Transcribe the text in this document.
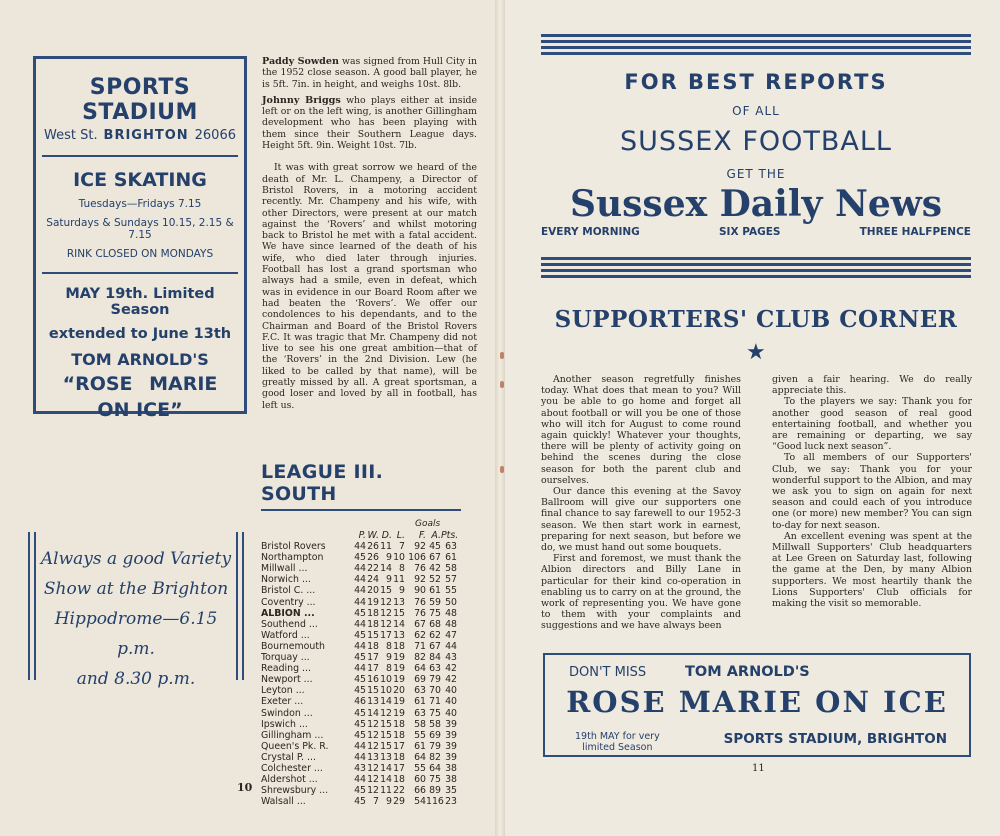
SPORTS STADIUM
West St. BRIGHTON 26066
ICE SKATING
Tuesdays—Fridays 7.15
Saturdays & Sundays 10.15, 2.15 & 7.15
RINK CLOSED ON MONDAYS
MAY 19th. Limited Season
extended to June 13th
TOM ARNOLD'S
“ROSE MARIE
ON ICE”
Always a good Variety
Show at the Brighton
Hippodrome—6.15 p.m.
and 8.30 p.m.

Paddy Sowden was signed from Hull City in the 1952 close season. A good ball player, he is 5ft. 7in. in height, and weighs 10st. 8lb.

Johnny Briggs who plays either at inside left or on the left wing, is another Gillingham development who has been playing with them since their Southern League days. Height 5ft. 9in. Weight 10st. 7lb.

It was with great sorrow we heard of the death of Mr. L. Champeny, a Director of Bristol Rovers, in a motoring accident recently. Mr. Champeny and his wife, with other Directors, were present at our match against the ‘Rovers’ and whilst motoring back to Bristol he met with a fatal accident. We have since learned of the death of his wife, who died later through injuries. Football has lost a grand sportsman who always had a smile, even in defeat, which was in evidence in our Board Room after we had beaten the ‘Rovers’. We offer our condolences to his dependants, and to the Chairman and Board of the Bristol Rovers F.C. It was tragic that Mr. Champeny did not live to see his one great ambition—that of the ‘Rovers’ in the 2nd Division. Lew (he liked to be called by that name), will be greatly missed by all. A great sportsman, a good loser and loved by all in football, has left us.

LEAGUE III. SOUTH
Goals
P. W. D. L.	F. A. Pts.
Bristol Rovers	44 26 11 7 92 45 63
Northampton	45 26 9 10 106 67 61
Millwall ...	44 22 14 8 76 42 58
Norwich ...	44 24 9 11 92 52 57
Bristol C. ...	44 20 15 9 90 61 55
Coventry ...	44 19 12 13 76 59 50
ALBION ...	45 18 12 15 76 75 48
Southend ...	44 18 12 14 67 68 48
Watford ...	45 15 17 13 62 62 47
Bournemouth	44 18 8 18 71 67 44
Torquay ...	45 17 9 19 82 84 43
Reading ...	44 17 8 19 64 63 42
Newport ...	45 16 10 19 69 79 42
Leyton ...	45 15 10 20 63 70 40
Exeter ...	46 13 14 19 61 71 40
Swindon ...	45 14 12 19 63 75 40
Ipswich ...	45 12 15 18 58 58 39
Gillingham ...	45 12 15 18 55 69 39
Queen's Pk. R.	44 12 15 17 61 79 39
Crystal P. ...	44 13 13 18 64 82 39
Colchester ...	43 12 14 17 55 64 38
Aldershot ...	44 12 14 18 60 75 38
Shrewsbury ...	45 12 11 22 66 89 35
Walsall ...	45 7 9 29 54 116 23
10
FOR BEST REPORTS
OF ALL
SUSSEX FOOTBALL
GET THE
Sussex Daily News
EVERY MORNING	SIX PAGES	THREE HALFPENCE
SUPPORTERS' CLUB CORNER
★

Another season regretfully finishes today. What does that mean to you? Will you be able to go home and forget all about football or will you be one of those who will itch for August to come round again quickly! Whatever your thoughts, there will be plenty of activity going on behind the scenes during the close season for both the parent club and ourselves.

Our dance this evening at the Savoy Ballroom will give our supporters one final chance to say farewell to our 1952-3 season. We then start work in earnest, preparing for next season, but before we do, we must hand out some bouquets.

First and foremost, we must thank the Albion directors and Billy Lane in particular for their kind co-operation in enabling us to carry on at the ground, the work of representing you. We have gone to them with your complaints and suggestions and we have always been

given a fair hearing. We do really appreciate this.

To the players we say: Thank you for another good season of real good entertaining football, and whether you are remaining or departing, we say “Good luck next season”.

To all members of our Supporters' Club, we say: Thank you for your wonderful support to the Albion, and may we ask you to sign on again for next season and could each of you introduce one (or more) new member? You can sign to-day for next season.

An excellent evening was spent at the Millwall Supporters' Club headquarters at Lee Green on Saturday last, following the game at the Den, by many Albion supporters. We most heartily thank the Lions Supporters' Club officials for making the visit so memorable.

DON'T MISS	TOM ARNOLD'S
ROSE MARIE ON ICE
19th MAY for very
limited Season
SPORTS STADIUM, BRIGHTON
11
